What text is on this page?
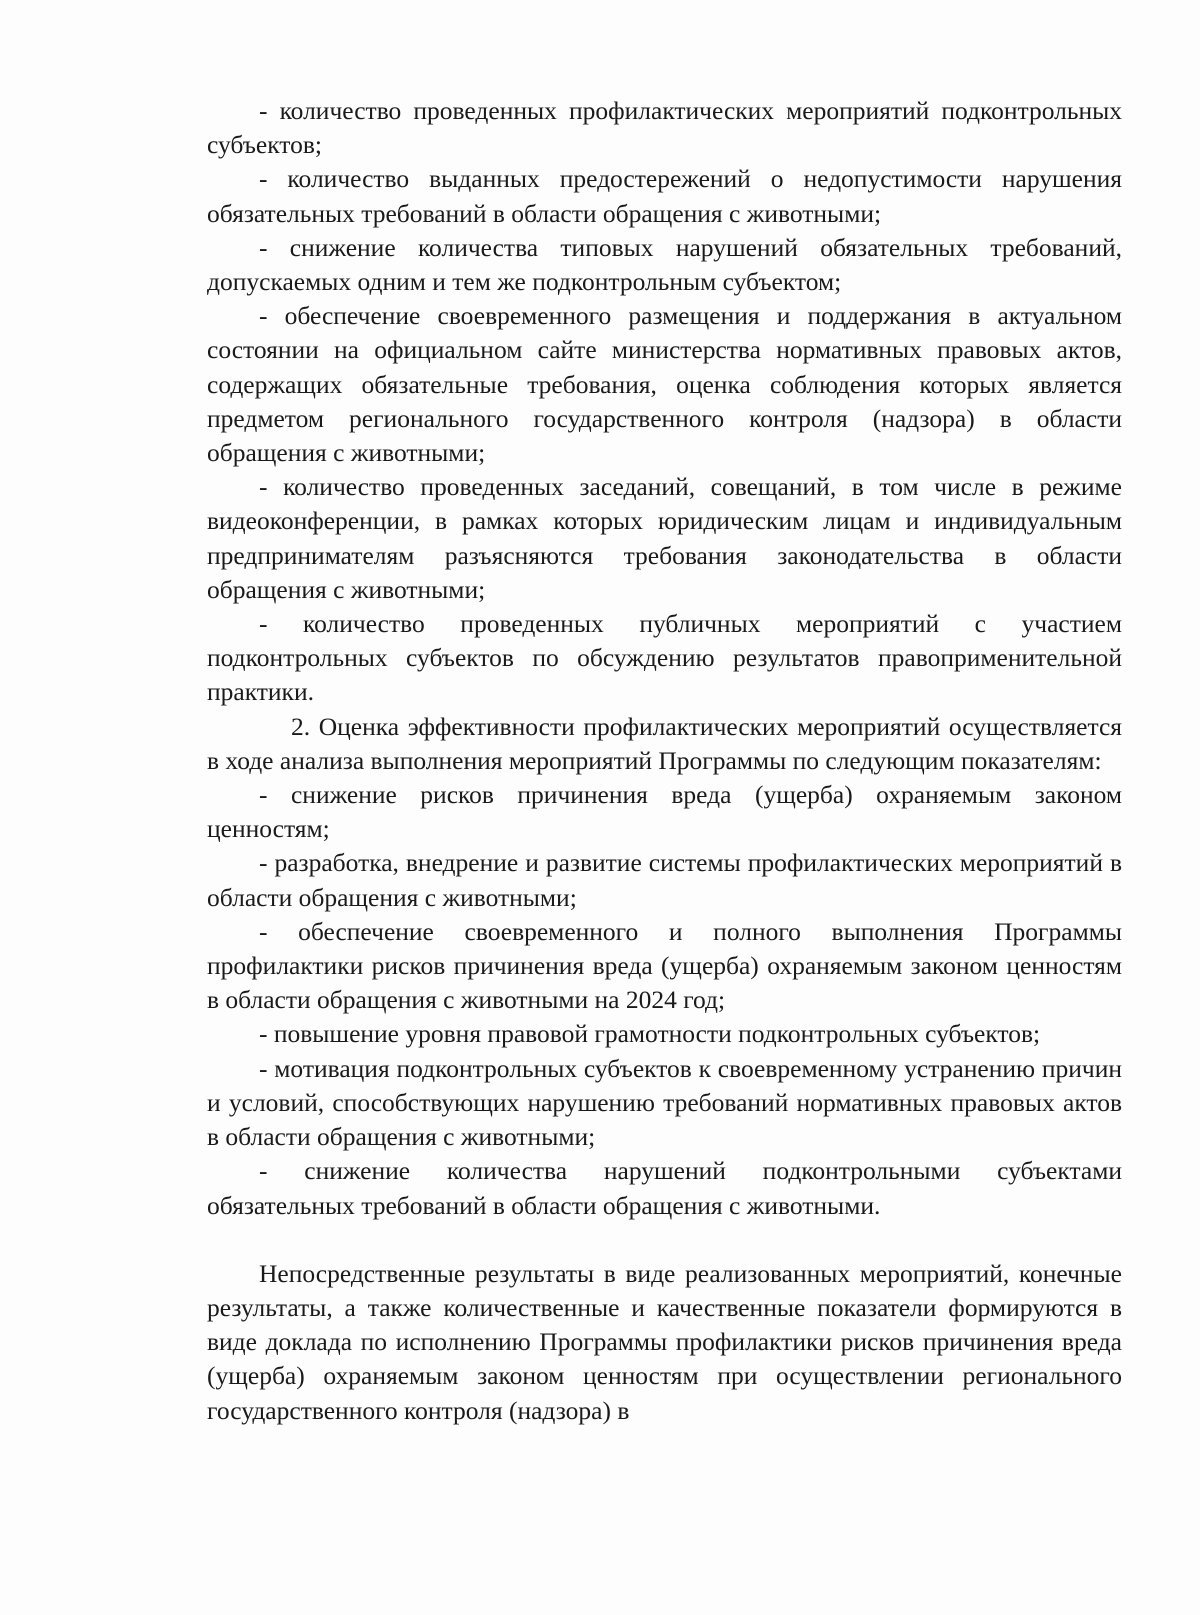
- количество проведенных профилактических мероприятий подконтрольных субъектов;

- количество выданных предостережений о недопустимости нарушения обязательных требований в области обращения с животными;

- снижение количества типовых нарушений обязательных требований, допускаемых одним и тем же подконтрольным субъектом;

- обеспечение своевременного размещения и поддержания в актуальном состоянии на официальном сайте министерства нормативных правовых актов, содержащих обязательные требования, оценка соблюдения которых является предметом регионального государственного контроля (надзора) в области обращения с животными;

- количество проведенных заседаний, совещаний, в том числе в режиме видеоконференции, в рамках которых юридическим лицам и индивидуальным предпринимателям разъясняются требования законодательства в области обращения с животными;

- количество проведенных публичных мероприятий с участием подконтрольных субъектов по обсуждению результатов правоприменительной практики.

2. Оценка эффективности профилактических мероприятий осуществляется в ходе анализа выполнения мероприятий Программы по следующим показателям:

- снижение рисков причинения вреда (ущерба) охраняемым законом ценностям;

- разработка, внедрение и развитие системы профилактических мероприятий в области обращения с животными;

- обеспечение своевременного и полного выполнения Программы профилактики рисков причинения вреда (ущерба) охраняемым законом ценностям в области обращения с животными на 2024 год;

- повышение уровня правовой грамотности подконтрольных субъектов;

- мотивация подконтрольных субъектов к своевременному устранению причин и условий, способствующих нарушению требований нормативных правовых актов в области обращения с животными;

- снижение количества нарушений подконтрольными субъектами обязательных требований в области обращения с животными.

Непосредственные результаты в виде реализованных мероприятий, конечные результаты, а также количественные и качественные показатели формируются в виде доклада по исполнению Программы профилактики рисков причинения вреда (ущерба) охраняемым законом ценностям при осуществлении регионального государственного контроля (надзора) в
